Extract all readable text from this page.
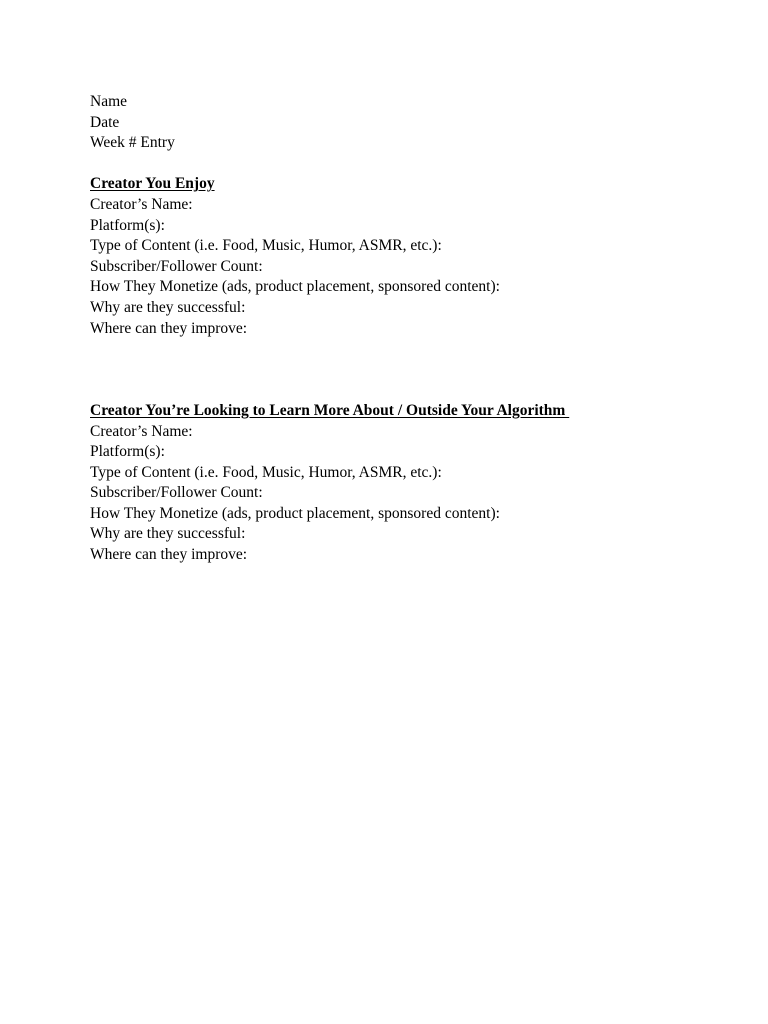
Name
Date
Week # Entry
Creator You Enjoy
Creator’s Name:
Platform(s):
Type of Content (i.e. Food, Music, Humor, ASMR, etc.):
Subscriber/Follower Count:
How They Monetize (ads, product placement, sponsored content):
Why are they successful:
Where can they improve:
Creator You’re Looking to Learn More About / Outside Your Algorithm
Creator’s Name:
Platform(s):
Type of Content (i.e. Food, Music, Humor, ASMR, etc.):
Subscriber/Follower Count:
How They Monetize (ads, product placement, sponsored content):
Why are they successful:
Where can they improve:
